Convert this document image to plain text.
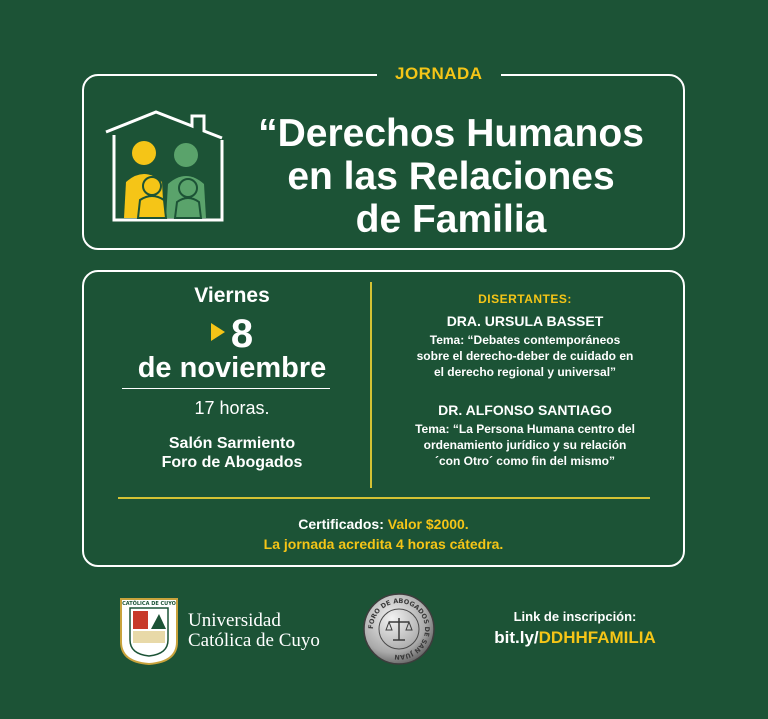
JORNADA
“Derechos Humanos
en las Relaciones
de Familia
Viernes
8
de noviembre
17 horas.
Salón Sarmiento
Foro de Abogados
DISERTANTES:
DRA. URSULA BASSET
Tema: “Debates contemporáneos
sobre el derecho-deber de cuidado en
el derecho regional y universal”
DR. ALFONSO SANTIAGO
Tema: “La Persona Humana centro del
ordenamiento jurídico y su relación
´con Otro´ como fin del mismo”
Certificados: Valor $2000.
La jornada acredita 4 horas cátedra.
CATÓLICA DE CUYO
Universidad
Católica de Cuyo
FORO DE ABOGADOS DE SAN JUAN
Link de inscripción:
bit.ly/DDHHFAMILIA
